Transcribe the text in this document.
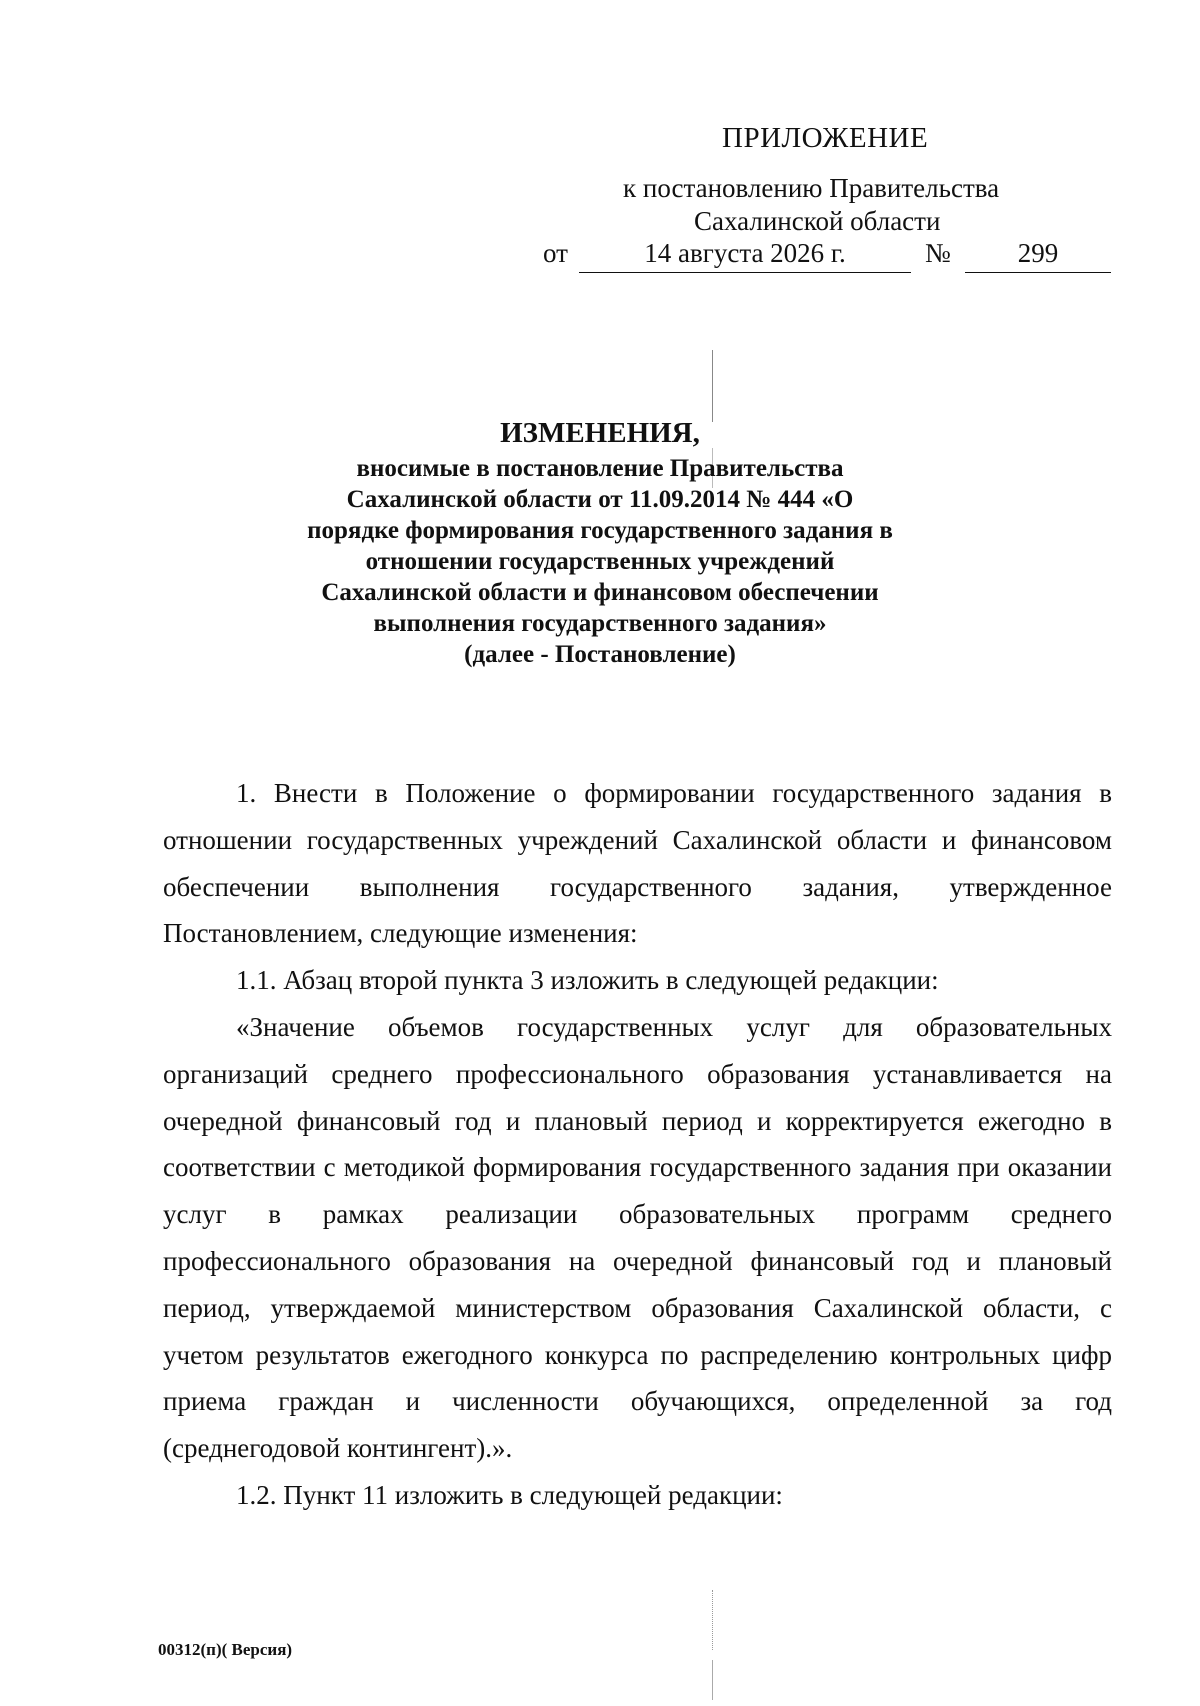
ПРИЛОЖЕНИЕ
к постановлению Правительства
Сахалинской области
от	14 августа 2026 г.	№	299
ИЗМЕНЕНИЯ,
вносимые в постановление Правительства
Сахалинской области от 11.09.2014 № 444 «О
порядке формирования государственного задания в
отношении государственных учреждений
Сахалинской области и финансовом обеспечении
выполнения государственного задания»
(далее - Постановление)

1. Внести в Положение о формировании государственного задания в отношении государственных учреждений Сахалинской области и финансовом обеспечении выполнения государственного задания, утвержденное Постановлением, следующие изменения:

1.1. Абзац второй пункта 3 изложить в следующей редакции:

«Значение объемов государственных услуг для образовательных организаций среднего профессионального образования устанавливается на очередной финансовый год и плановый период и корректируется ежегодно в соответствии с методикой формирования государственного задания при оказании услуг в рамках реализации образовательных программ среднего профессионального образования на очередной финансовый год и плановый период, утверждаемой министерством образования Сахалинской области, с учетом результатов ежегодного конкурса по распределению контрольных цифр приема граждан и численности обучающихся, определенной за год (среднегодовой контингент).».

1.2. Пункт 11 изложить в следующей редакции:

00312(п)( Версия)
